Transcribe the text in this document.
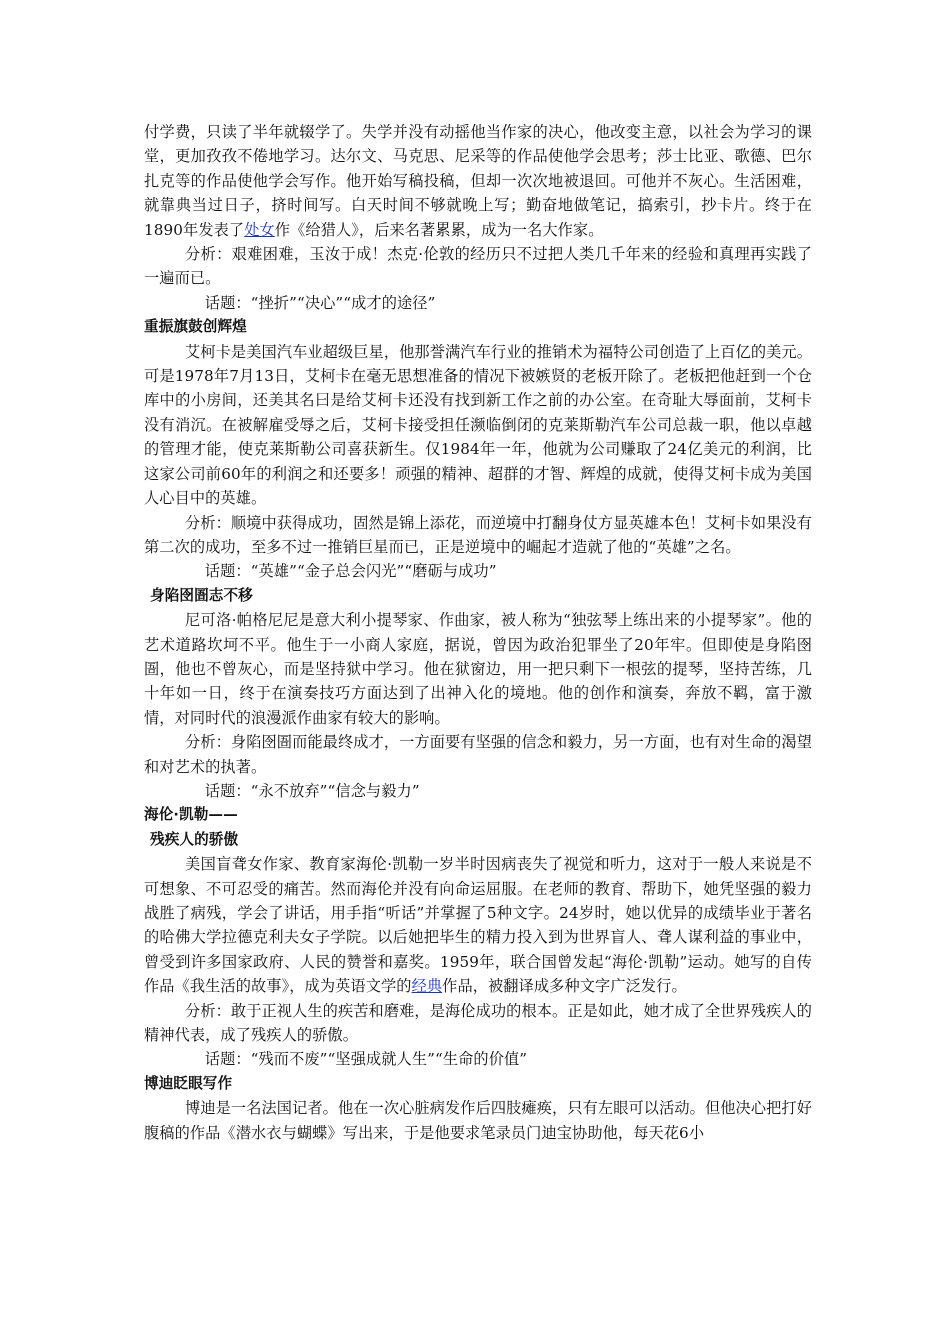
付学费，只读了半年就辍学了。失学并没有动摇他当作家的决心，他改变主意，以社会为学习的课堂，更加孜孜不倦地学习。达尔文、马克思、尼采等的作品使他学会思考；莎士比亚、歌德、巴尔扎克等的作品使他学会写作。他开始写稿投稿，但却一次次地被退回。可他并不灰心。生活困难，就靠典当过日子，挤时间写。白天时间不够就晚上写；勤奋地做笔记，搞索引，抄卡片。终于在1890年发表了处女作《给猎人》，后来名著累累，成为一名大作家。

分析：艰难困难，玉汝于成！杰克·伦敦的经历只不过把人类几千年来的经验和真理再实践了一遍而已。

话题：“挫折”“决心”“成才的途径”

重振旗鼓创辉煌

艾柯卡是美国汽车业超级巨星，他那誉满汽车行业的推销术为福特公司创造了上百亿的美元。可是1978年7月13日，艾柯卡在毫无思想准备的情况下被嫉贤的老板开除了。老板把他赶到一个仓库中的小房间，还美其名曰是给艾柯卡还没有找到新工作之前的办公室。在奇耻大辱面前，艾柯卡没有消沉。在被解雇受辱之后，艾柯卡接受担任濒临倒闭的克莱斯勒汽车公司总裁一职，他以卓越的管理才能，使克莱斯勒公司喜获新生。仅1984年一年，他就为公司赚取了24亿美元的利润，比这家公司前60年的利润之和还要多！顽强的精神、超群的才智、辉煌的成就，使得艾柯卡成为美国人心目中的英雄。

分析：顺境中获得成功，固然是锦上添花，而逆境中打翻身仗方显英雄本色！艾柯卡如果没有第二次的成功，至多不过一推销巨星而已，正是逆境中的崛起才造就了他的“英雄”之名。

话题：“英雄”“金子总会闪光”“磨砺与成功”

身陷囹圄志不移

尼可洛·帕格尼尼是意大利小提琴家、作曲家，被人称为“独弦琴上练出来的小提琴家”。他的艺术道路坎坷不平。他生于一小商人家庭，据说，曾因为政治犯罪坐了20年牢。但即使是身陷囹圄，他也不曾灰心，而是坚持狱中学习。他在狱窗边，用一把只剩下一根弦的提琴，坚持苦练，几十年如一日，终于在演奏技巧方面达到了出神入化的境地。他的创作和演奏，奔放不羁，富于激情，对同时代的浪漫派作曲家有较大的影响。

分析：身陷囹圄而能最终成才，一方面要有坚强的信念和毅力，另一方面，也有对生命的渴望和对艺术的执著。

话题：“永不放弃”“信念与毅力”

海伦·凯勒——

残疾人的骄傲

美国盲聋女作家、教育家海伦·凯勒一岁半时因病丧失了视觉和听力，这对于一般人来说是不可想象、不可忍受的痛苦。然而海伦并没有向命运屈服。在老师的教育、帮助下，她凭坚强的毅力战胜了病残，学会了讲话，用手指“听话”并掌握了5种文字。24岁时，她以优异的成绩毕业于著名的哈佛大学拉德克利夫女子学院。以后她把毕生的精力投入到为世界盲人、聋人谋利益的事业中，曾受到许多国家政府、人民的赞誉和嘉奖。1959年，联合国曾发起“海伦·凯勒”运动。她写的自传作品《我生活的故事》，成为英语文学的经典作品，被翻译成多种文字广泛发行。

分析：敢于正视人生的疾苦和磨难，是海伦成功的根本。正是如此，她才成了全世界残疾人的精神代表，成了残疾人的骄傲。

话题：“残而不废”“坚强成就人生”“生命的价值”

博迪眨眼写作

博迪是一名法国记者。他在一次心脏病发作后四肢瘫痪，只有左眼可以活动。但他决心把打好腹稿的作品《潜水衣与蝴蝶》写出来，于是他要求笔录员门迪宝协助他，每天花6小
